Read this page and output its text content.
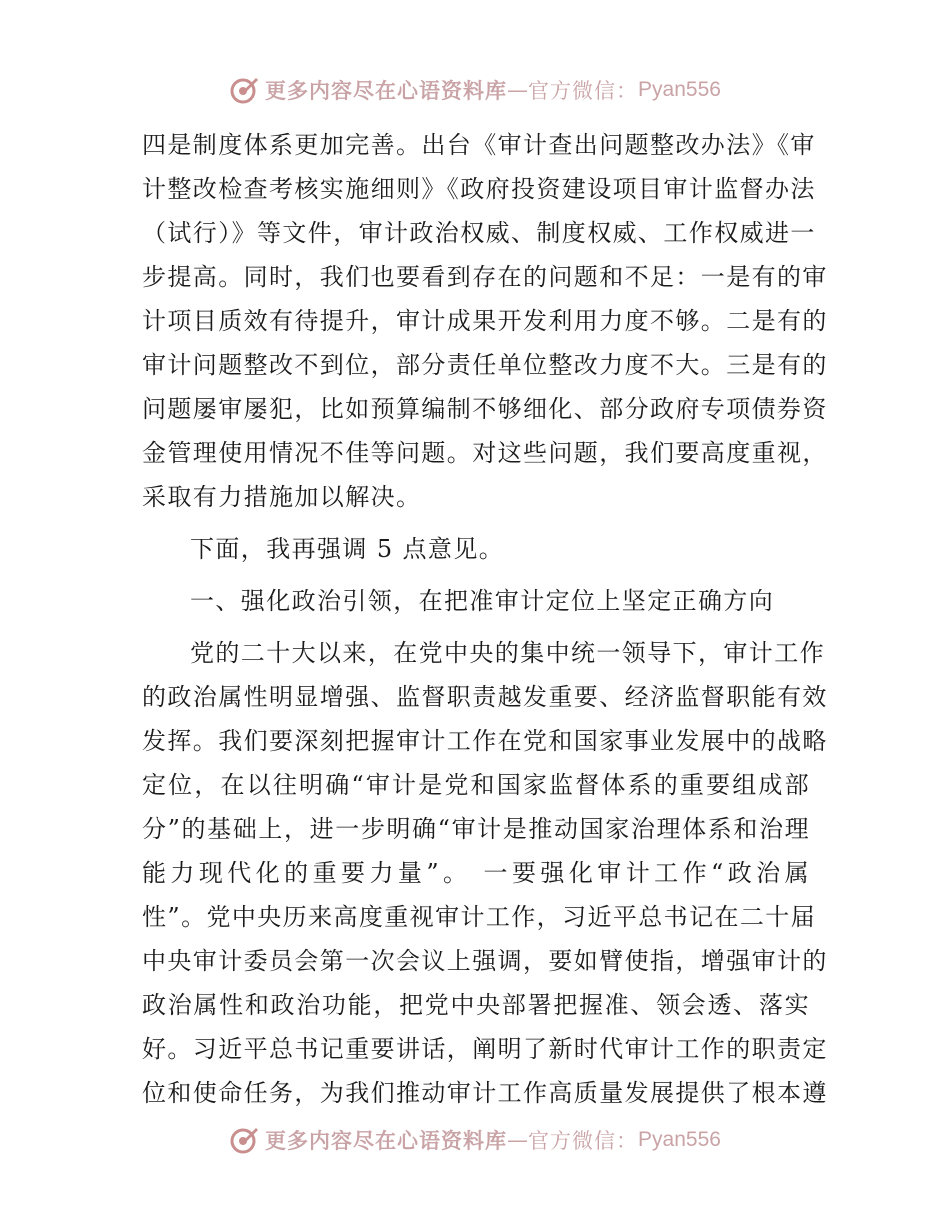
更多内容尽在心语资料库 — 官方微信： Pyan556
四是制度体系更加完善。出台《审计查出问题整改办法》《审
计整改检查考核实施细则》《政府投资建设项目审计监督办法
（试行）》等文件，审计政治权威、制度权威、工作权威进一
步提高。同时，我们也要看到存在的问题和不足：一是有的审
计项目质效有待提升，审计成果开发利用力度不够。二是有的
审计问题整改不到位，部分责任单位整改力度不大。三是有的
问题屡审屡犯，比如预算编制不够细化、部分政府专项债券资
金管理使用情况不佳等问题。对这些问题，我们要高度重视，
采取有力措施加以解决。
下面，我再强调 5 点意见。
一、强化政治引领，在把准审计定位上坚定正确方向
党的二十大以来，在党中央的集中统一领导下，审计工作
的政治属性明显增强、监督职责越发重要、经济监督职能有效
发挥。我们要深刻把握审计工作在党和国家事业发展中的战略
定位，在以往明确“审计是党和国家监督体系的重要组成部
分”的基础上，进一步明确“审计是推动国家治理体系和治理
能力现代化的重要力量”。 一要强化审计工作“政治属
性”。党中央历来高度重视审计工作，习近平总书记在二十届
中央审计委员会第一次会议上强调，要如臂使指，增强审计的
政治属性和政治功能，把党中央部署把握准、领会透、落实
好。习近平总书记重要讲话，阐明了新时代审计工作的职责定
位和使命任务，为我们推动审计工作高质量发展提供了根本遵
更多内容尽在心语资料库 — 官方微信： Pyan556
